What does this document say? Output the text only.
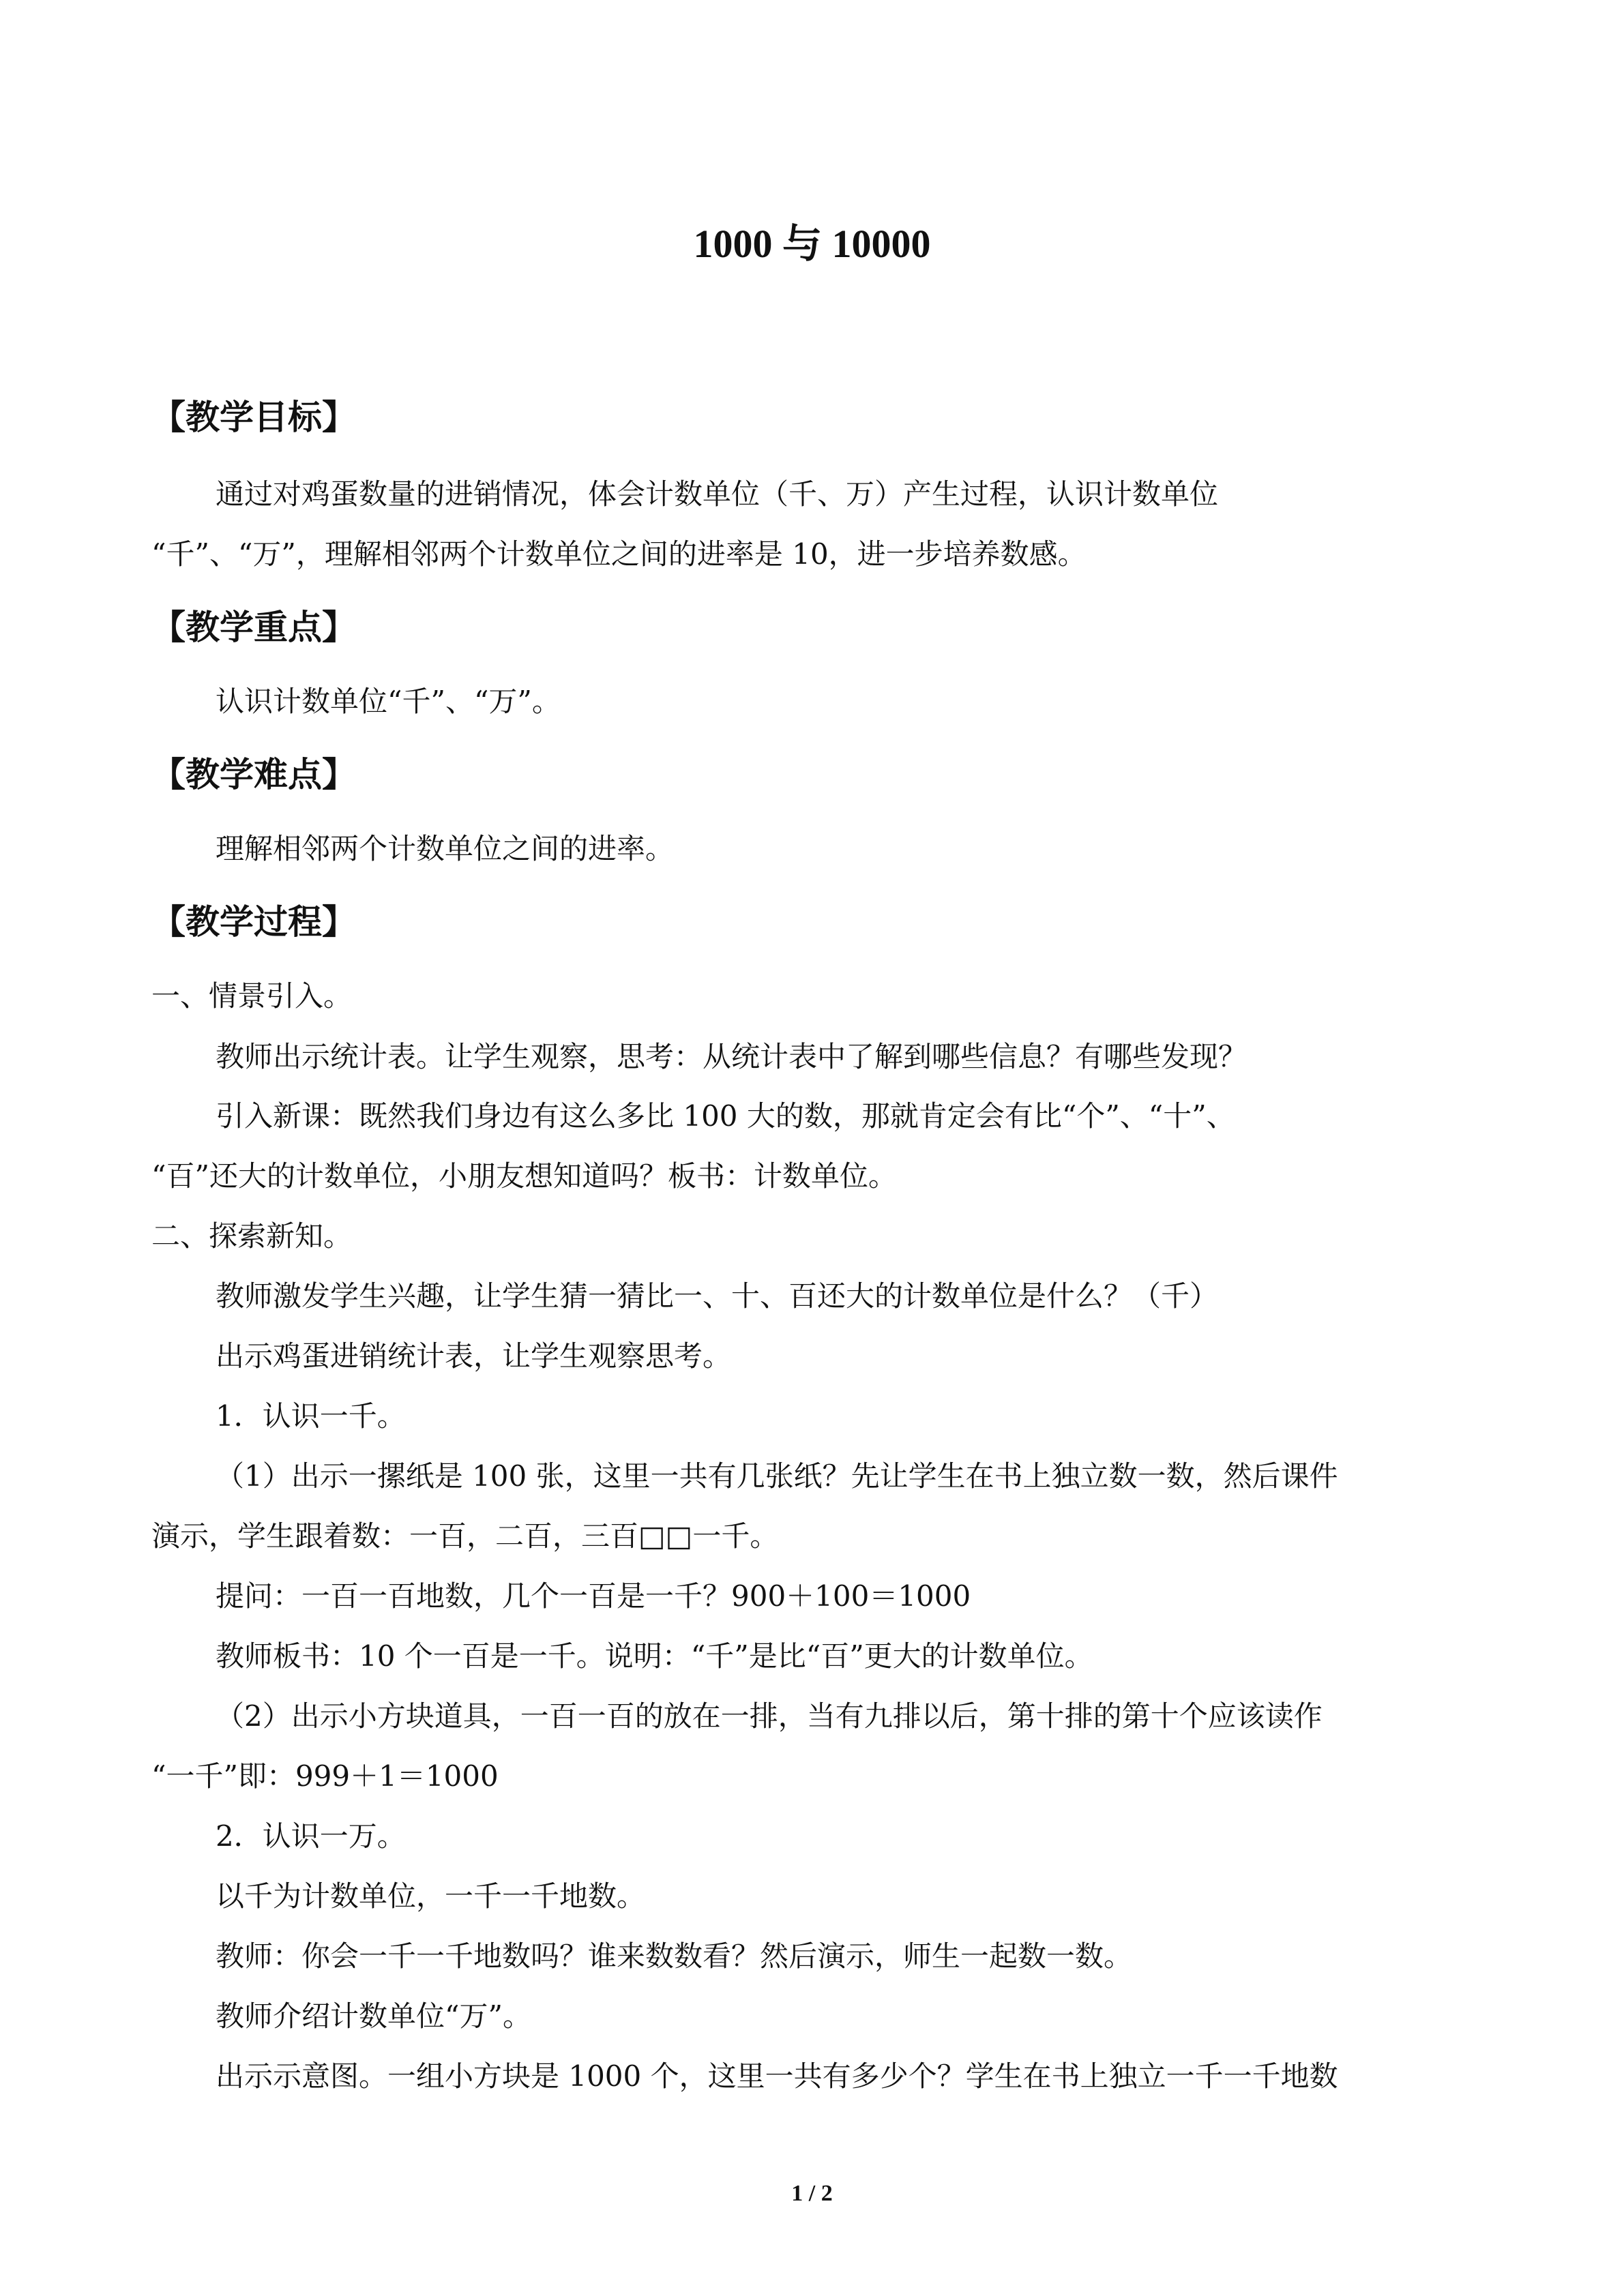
1000 与 10000
【教学目标】
通过对鸡蛋数量的进销情况，体会计数单位（千、万）产生过程，认识计数单位
“千”、“万”，理解相邻两个计数单位之间的进率是 10，进一步培养数感。
【教学重点】
认识计数单位“千”、“万”。
【教学难点】
理解相邻两个计数单位之间的进率。
【教学过程】
一、情景引入。
教师出示统计表。让学生观察，思考：从统计表中了解到哪些信息？有哪些发现？
引入新课：既然我们身边有这么多比 100 大的数，那就肯定会有比“个”、“十”、
“百”还大的计数单位，小朋友想知道吗？板书：计数单位。
二、探索新知。
教师激发学生兴趣，让学生猜一猜比一、十、百还大的计数单位是什么？（千）
出示鸡蛋进销统计表，让学生观察思考。
1．认识一千。
（1）出示一摞纸是 100 张，这里一共有几张纸？先让学生在书上独立数一数，然后课件
演示，学生跟着数：一百，二百，三百□□一千。
提问：一百一百地数，几个一百是一千？900＋100＝1000
教师板书：10 个一百是一千。说明：“千”是比“百”更大的计数单位。
（2）出示小方块道具，一百一百的放在一排，当有九排以后，第十排的第十个应该读作
“一千”即：999＋1＝1000
2．认识一万。
以千为计数单位，一千一千地数。
教师：你会一千一千地数吗？谁来数数看？然后演示，师生一起数一数。
教师介绍计数单位“万”。
出示示意图。一组小方块是 1000 个，这里一共有多少个？学生在书上独立一千一千地数
1 / 2
